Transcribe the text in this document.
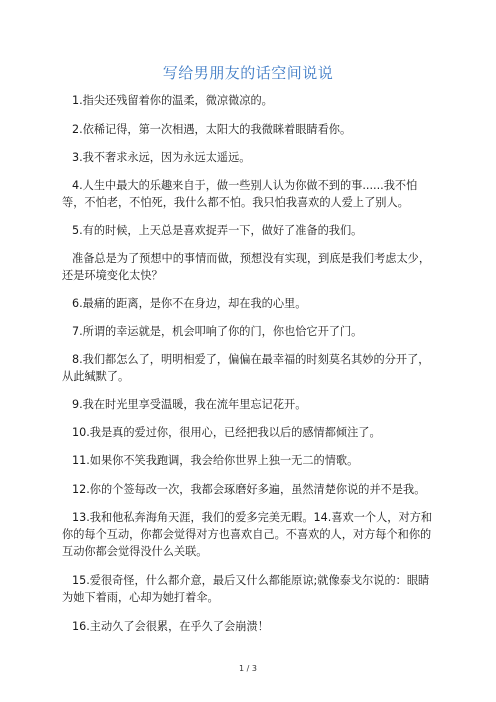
写给男朋友的话空间说说

1.指尖还残留着你的温柔，微凉微凉的。

2.依稀记得，第一次相遇，太阳大的我微眯着眼睛看你。

3.我不奢求永远，因为永远太遥远。

4.人生中最大的乐趣来自于，做一些别人认为你做不到的事......我不怕等，不怕老，不怕死，我什么都不怕。我只怕我喜欢的人爱上了别人。

5.有的时候，上天总是喜欢捉弄一下，做好了准备的我们。

准备总是为了预想中的事情而做，预想没有实现，到底是我们考虑太少，还是环境变化太快？

6.最痛的距离，是你不在身边，却在我的心里。

7.所谓的幸运就是，机会叩响了你的门，你也恰它开了门。

8.我们都怎么了，明明相爱了，偏偏在最幸福的时刻莫名其妙的分开了，从此缄默了。

9.我在时光里享受温暖，我在流年里忘记花开。

10.我是真的爱过你，很用心，已经把我以后的感情都倾注了。

11.如果你不笑我跑调，我会给你世界上独一无二的情歌。

12.你的个签每改一次，我都会琢磨好多遍，虽然清楚你说的并不是我。

13.我和他私奔海角天涯，我们的爱多完美无暇。14.喜欢一个人，对方和你的每个互动，你都会觉得对方也喜欢自己。不喜欢的人，对方每个和你的互动你都会觉得没什么关联。

15.爱很奇怪，什么都介意，最后又什么都能原谅;就像泰戈尔说的：眼睛为她下着雨，心却为她打着伞。

16.主动久了会很累，在乎久了会崩溃！

1 / 3
